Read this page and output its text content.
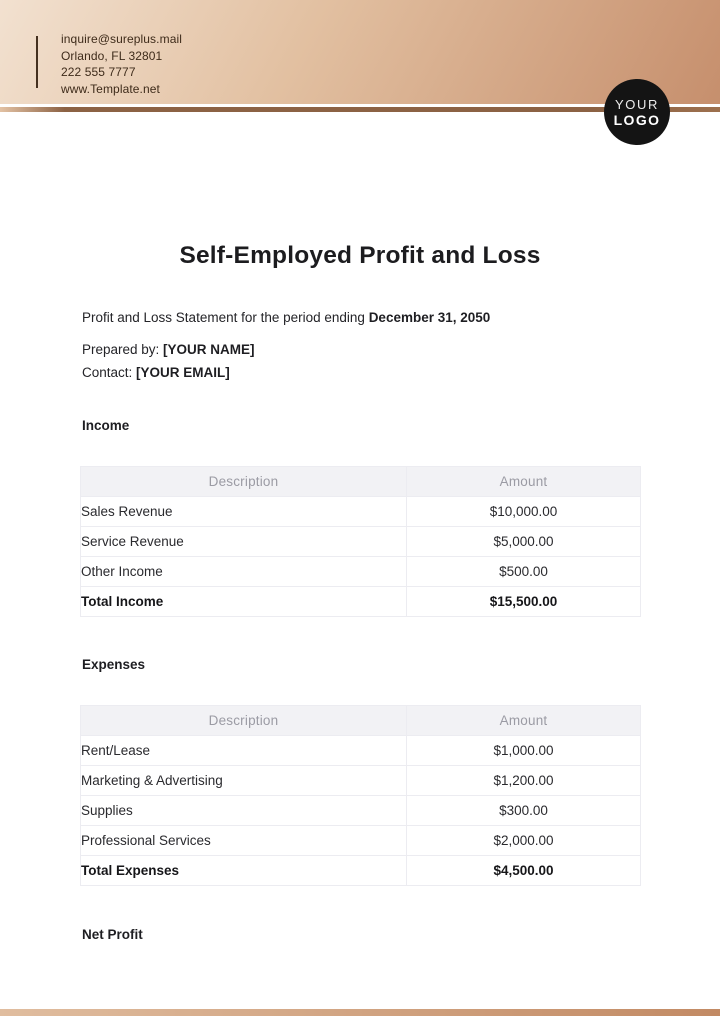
inquire@sureplus.mail
Orlando, FL 32801
222 555 7777
www.Template.net
YOUR
LOGO
Self-Employed Profit and Loss
Profit and Loss Statement for the period ending December 31, 2050
Prepared by: [YOUR NAME]
Contact: [YOUR EMAIL]
Income
Description	Amount
Sales Revenue	$10,000.00
Service Revenue	$5,000.00
Other Income	$500.00
Total Income	$15,500.00
Expenses
Description	Amount
Rent/Lease	$1,000.00
Marketing & Advertising	$1,200.00
Supplies	$300.00
Professional Services	$2,000.00
Total Expenses	$4,500.00
Net Profit
